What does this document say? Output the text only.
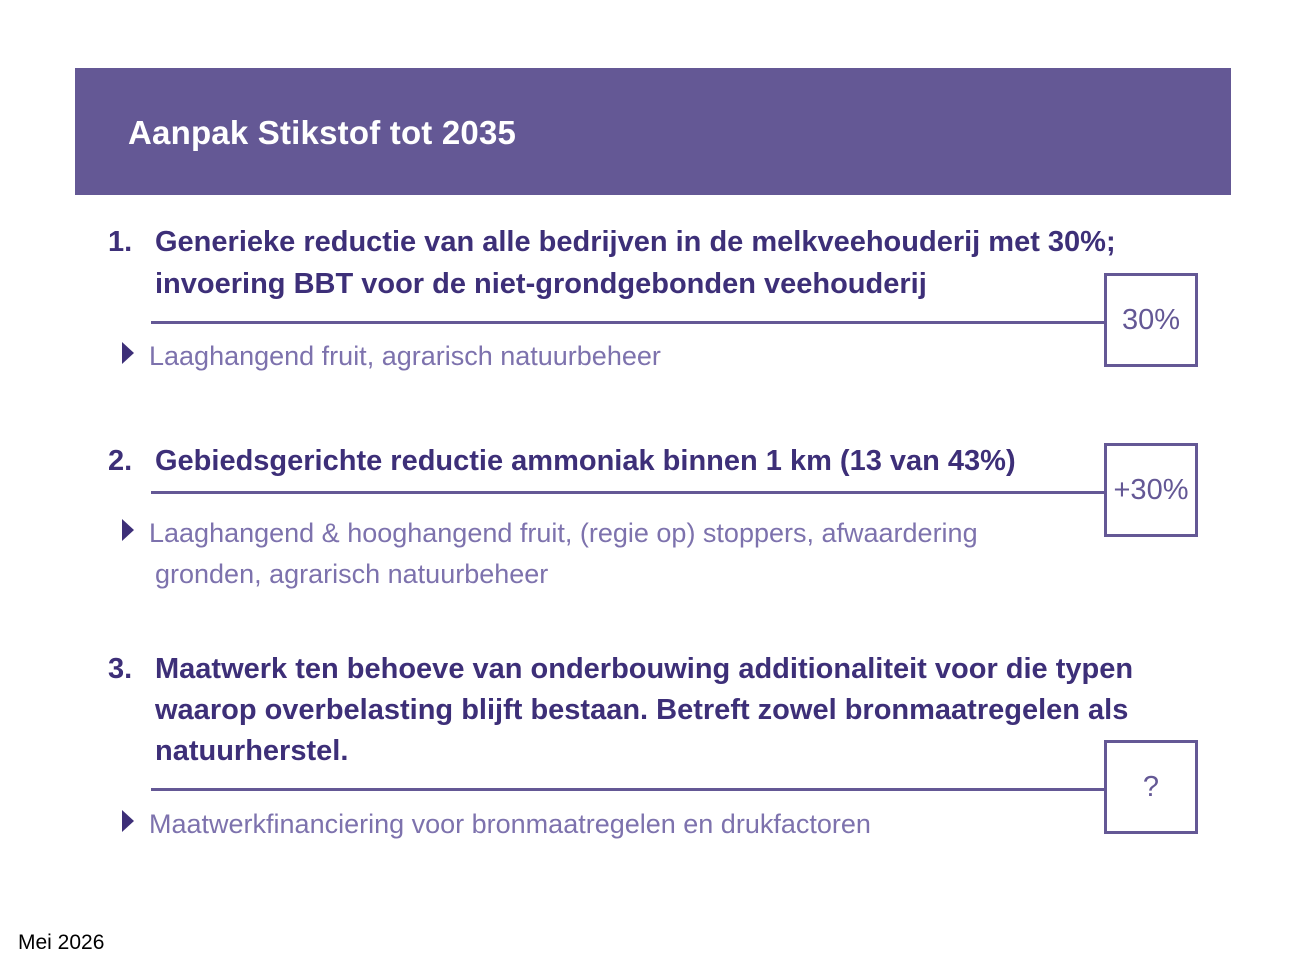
Aanpak Stikstof tot 2035
1. Generieke reductie van alle bedrijven in de melkveehouderij met 30%;
invoering BBT voor de niet-grondgebonden veehouderij
30%
Laaghangend fruit, agrarisch natuurbeheer
2. Gebiedsgerichte reductie ammoniak binnen 1 km (13 van 43%)
+30%
Laaghangend & hooghangend fruit, (regie op) stoppers, afwaardering
gronden, agrarisch natuurbeheer
3. Maatwerk ten behoeve van onderbouwing additionaliteit voor die typen
waarop overbelasting blijft bestaan. Betreft zowel bronmaatregelen als
natuurherstel.
?
Maatwerkfinanciering voor bronmaatregelen en drukfactoren
Mei 2026
